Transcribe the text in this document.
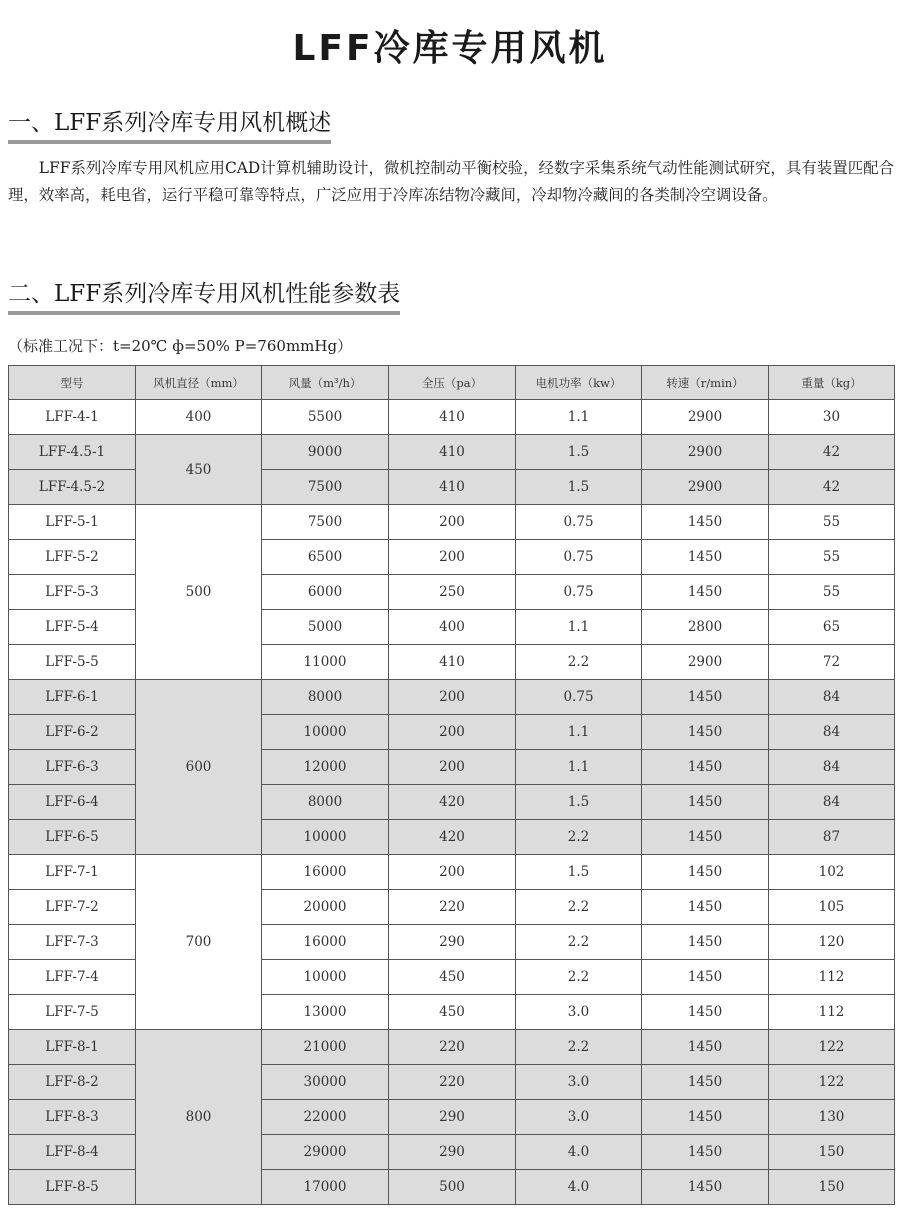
LFF冷库专用风机
一、LFF系列冷库专用风机概述
LFF系列冷库专用风机应用CAD计算机辅助设计，微机控制动平衡校验，经数字采集系统气动性能测试研究，具有装置匹配合理，效率高，耗电省，运行平稳可靠等特点，广泛应用于冷库冻结物冷藏间，冷却物冷藏间的各类制冷空调设备。
二、LFF系列冷库专用风机性能参数表
（标准工况下：t=20℃ ф=50% P=760mmHg）
型号	风机直径（mm）	风量（m³/h）	全压（pa）	电机功率（kw）	转速（r/min）	重量（kg）
LFF-4-1	400	5500	410	1.1	2900	30
LFF-4.5-1	450	9000	410	1.5	2900	42
LFF-4.5-2		7500	410	1.5	2900	42
LFF-5-1	500	7500	200	0.75	1450	55
LFF-5-2		6500	200	0.75	1450	55
LFF-5-3		6000	250	0.75	1450	55
LFF-5-4		5000	400	1.1	2800	65
LFF-5-5		11000	410	2.2	2900	72
LFF-6-1	600	8000	200	0.75	1450	84
LFF-6-2		10000	200	1.1	1450	84
LFF-6-3		12000	200	1.1	1450	84
LFF-6-4		8000	420	1.5	1450	84
LFF-6-5		10000	420	2.2	1450	87
LFF-7-1	700	16000	200	1.5	1450	102
LFF-7-2		20000	220	2.2	1450	105
LFF-7-3		16000	290	2.2	1450	120
LFF-7-4		10000	450	2.2	1450	112
LFF-7-5		13000	450	3.0	1450	112
LFF-8-1	800	21000	220	2.2	1450	122
LFF-8-2		30000	220	3.0	1450	122
LFF-8-3		22000	290	3.0	1450	130
LFF-8-4		29000	290	4.0	1450	150
LFF-8-5		17000	500	4.0	1450	150
